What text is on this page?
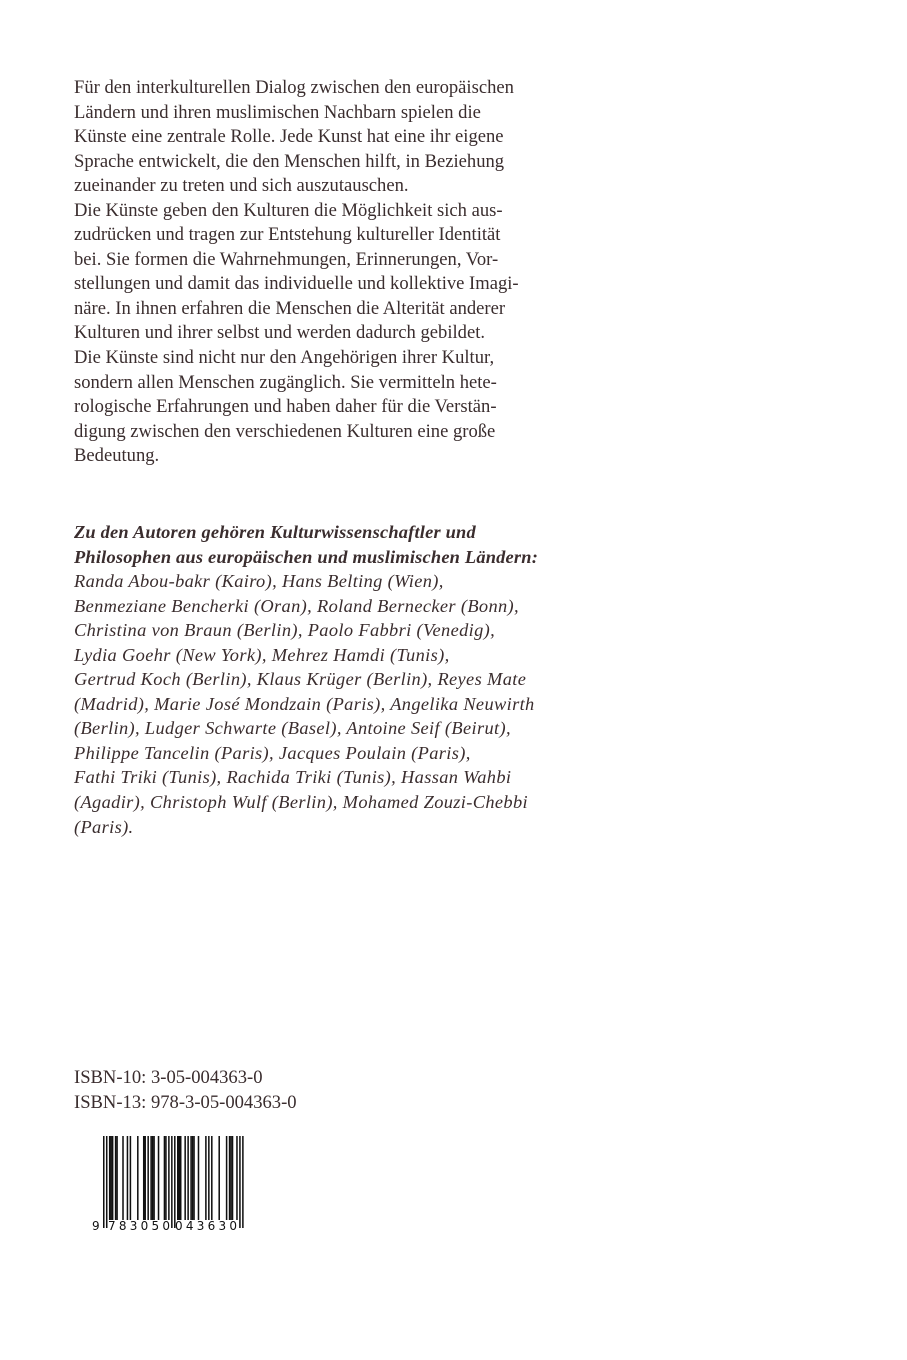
Für den interkulturellen Dialog zwischen den europäischen
Ländern und ihren muslimischen Nachbarn spielen die
Künste eine zentrale Rolle. Jede Kunst hat eine ihr eigene
Sprache entwickelt, die den Menschen hilft, in Beziehung
zueinander zu treten und sich auszutauschen.
Die Künste geben den Kulturen die Möglichkeit sich aus-
zudrücken und tragen zur Entstehung kultureller Identität
bei. Sie formen die Wahrnehmungen, Erinnerungen, Vor-
stellungen und damit das individuelle und kollektive Imagi-
näre. In ihnen erfahren die Menschen die Alterität anderer
Kulturen und ihrer selbst und werden dadurch gebildet.
Die Künste sind nicht nur den Angehörigen ihrer Kultur,
sondern allen Menschen zugänglich. Sie vermitteln hete-
rologische Erfahrungen und haben daher für die Verstän-
digung zwischen den verschiedenen Kulturen eine große
Bedeutung.
Zu den Autoren gehören Kulturwissenschaftler und
Philosophen aus europäischen und muslimischen Ländern:
Randa Abou-bakr (Kairo), Hans Belting (Wien),
Benmeziane Bencherki (Oran), Roland Bernecker (Bonn),
Christina von Braun (Berlin), Paolo Fabbri (Venedig),
Lydia Goehr (New York), Mehrez Hamdi (Tunis),
Gertrud Koch (Berlin), Klaus Krüger (Berlin), Reyes Mate
(Madrid), Marie José Mondzain (Paris), Angelika Neuwirth
(Berlin), Ludger Schwarte (Basel), Antoine Seif (Beirut),
Philippe Tancelin (Paris), Jacques Poulain (Paris),
Fathi Triki (Tunis), Rachida Triki (Tunis), Hassan Wahbi
(Agadir), Christoph Wulf (Berlin), Mohamed Zouzi-Chebbi
(Paris).
ISBN-10: 3-05-004363-0
ISBN-13: 978-3-05-004363-0
9 783050 043630
